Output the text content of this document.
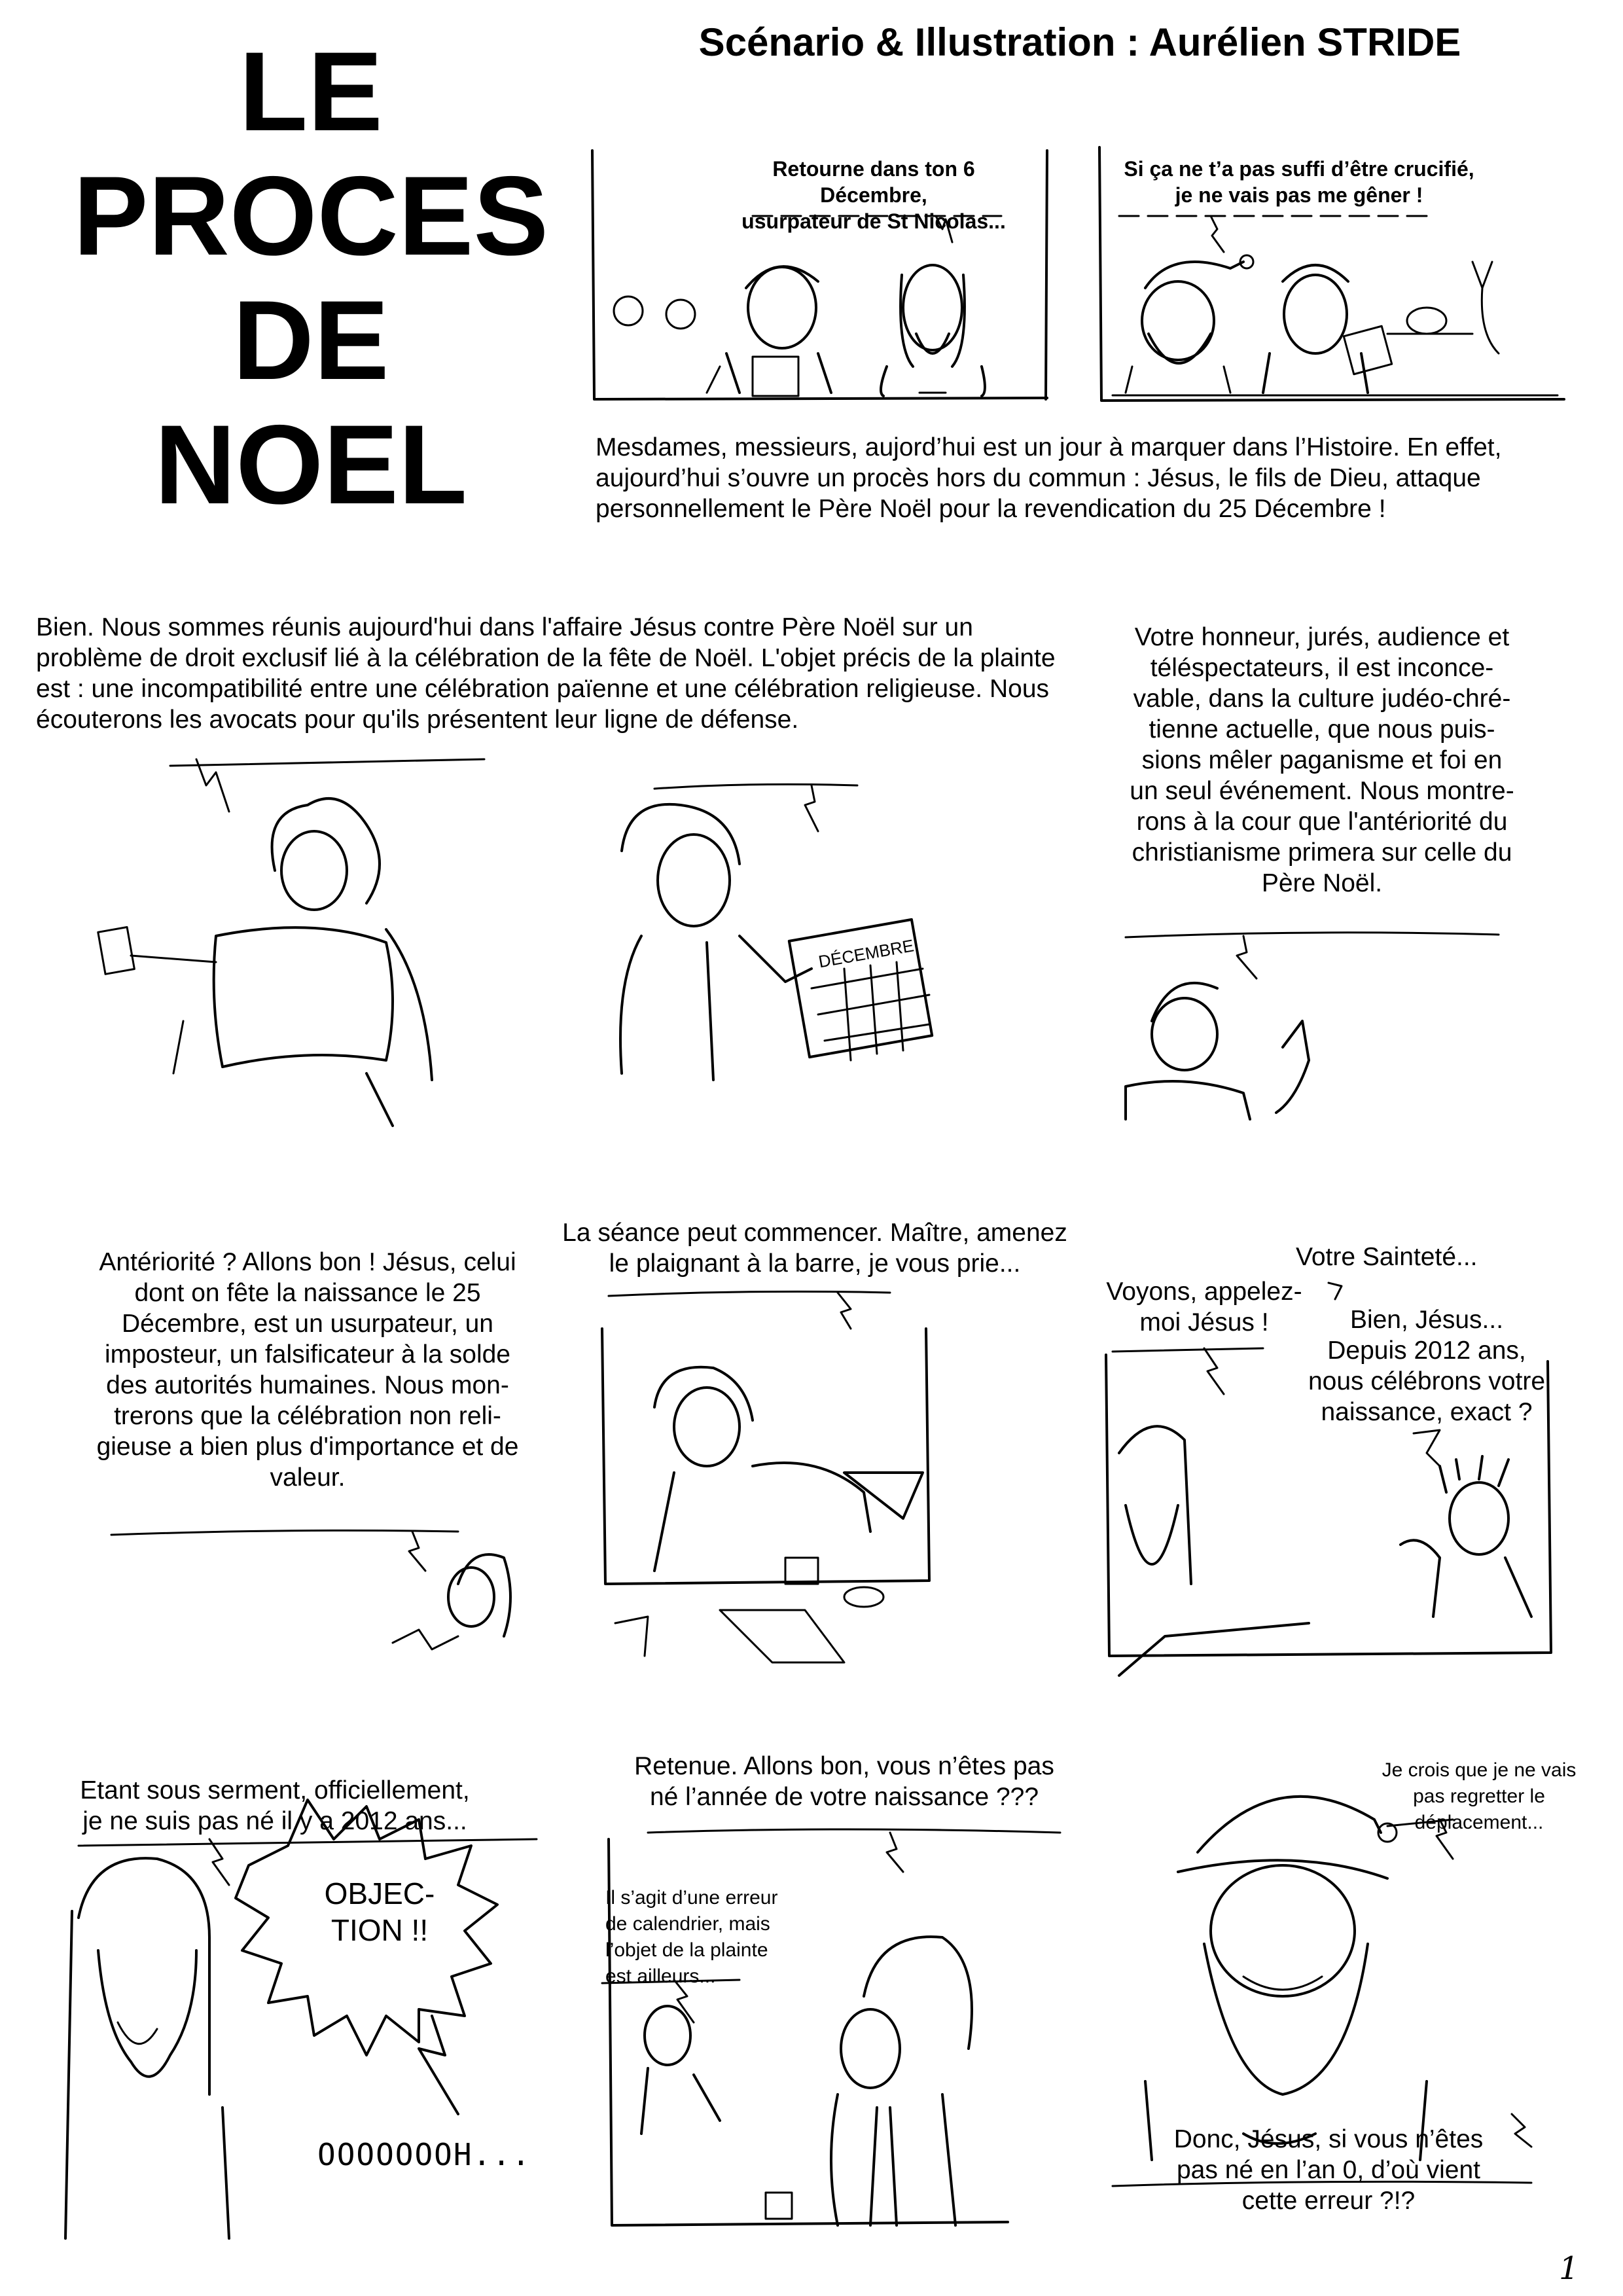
LE
PROCES
DE
NOEL
Scénario & Illustration : Aurélien STRIDE
DÉCEMBRE
Retourne dans ton 6 Décembre,
usurpateur de St Nicolas...
Si ça ne t’a pas suffi d’être crucifié,
je ne vais pas me gêner !
Mesdames, messieurs, aujord’hui est un jour à marquer dans l’Histoire. En effet, aujourd’hui s’ouvre un procès hors du commun : Jésus, le fils de Dieu, attaque personnellement le Père Noël pour la revendication du 25 Décembre !
Bien. Nous sommes réunis aujourd'hui dans l'affaire Jésus contre Père Noël sur un problème de droit exclusif lié à la célébration de la fête de Noël. L'objet précis de la plainte est : une incompatibilité entre une célébration païenne et une célébration religieuse. Nous écouterons les avocats pour qu'ils présentent leur ligne de défense.
Votre honneur, jurés, audience et
téléspectateurs, il est inconce-
vable, dans la culture judéo-chré-
tienne actuelle, que nous puis-
sions mêler paganisme et foi en
un seul événement. Nous montre-
rons à la cour que l'antériorité du
christianisme primera sur celle du
Père Noël.
Antériorité ? Allons bon ! Jésus, celui
dont on fête la naissance le 25
Décembre, est un usurpateur, un
imposteur, un falsificateur à la solde
des autorités humaines. Nous mon-
trerons que la célébration non reli-
gieuse a bien plus d'importance et de
valeur.
La séance peut commencer. Maître, amenez
le plaignant à la barre, je vous prie...	Votre Sainteté...
Voyons, appelez-
moi Jésus !	Bien, Jésus...
Depuis 2012 ans,
nous célébrons votre
naissance, exact ?
Etant sous serment, officiellement,
je ne suis pas né il y a 2012 ans...
OBJEC-
TION !!
OOOOOOOH...
Retenue. Allons bon, vous n’êtes pas
né l’année de votre naissance ???
Il s’agit d’une erreur
de calendrier, mais
l’objet de la plainte
est ailleurs...
Je crois que je ne vais
pas regretter le
déplacement...
Donc, Jésus, si vous n’êtes
pas né en l’an 0, d’où vient
cette erreur ?!?
1
